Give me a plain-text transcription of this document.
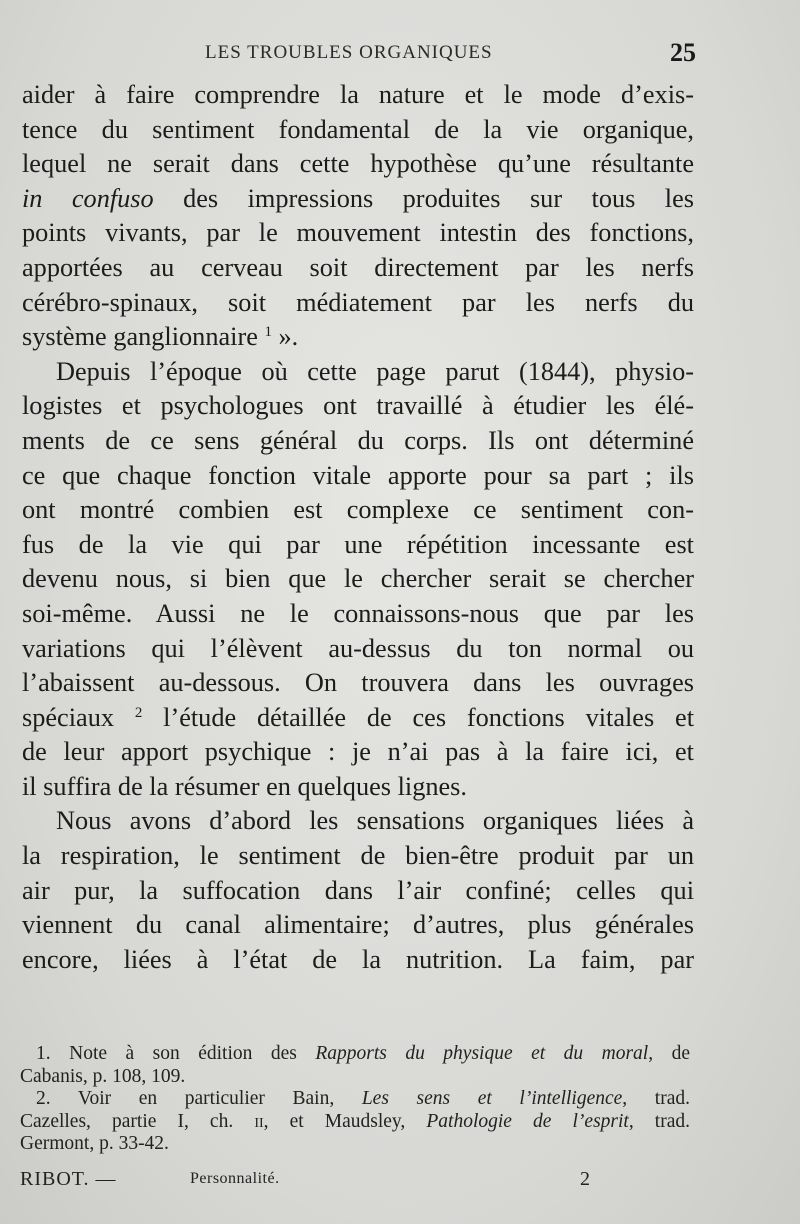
LES TROUBLES ORGANIQUES	25

aider à faire comprendre la nature et le mode d’exis-
tence du sentiment fondamental de la vie organique,
lequel ne serait dans cette hypothèse qu’une résultante
in confuso des impressions produites sur tous les
points vivants, par le mouvement intestin des fonctions,
apportées au cerveau soit directement par les nerfs
cérébro-spinaux, soit médiatement par les nerfs du
système ganglionnaire $^1$ ».

Depuis l’époque où cette page parut (1844), physio-
logistes et psychologues ont travaillé à étudier les élé-
ments de ce sens général du corps. Ils ont déterminé
ce que chaque fonction vitale apporte pour sa part ; ils
ont montré combien est complexe ce sentiment con-
fus de la vie qui par une répétition incessante est
devenu nous, si bien que le chercher serait se chercher
soi-même. Aussi ne le connaissons-nous que par les
variations qui l’élèvent au-dessus du ton normal ou
l’abaissent au-dessous. On trouvera dans les ouvrages
spéciaux $^2$ l’étude détaillée de ces fonctions vitales et
de leur apport psychique : je n’ai pas à la faire ici, et
il suffira de la résumer en quelques lignes.

Nous avons d’abord les sensations organiques liées à
la respiration, le sentiment de bien-être produit par un
air pur, la suffocation dans l’air confiné; celles qui
viennent du canal alimentaire; d’autres, plus générales
encore, liées à l’état de la nutrition. La faim, par

1. Note à son édition des Rapports du physique et du moral, de
Cabanis, p. 108, 109.
2. Voir en particulier Bain, Les sens et l’intelligence, trad.
Cazelles, partie I, ch. ii, et Maudsley, Pathologie de l’esprit, trad.
Germont, p. 33-42.
RIBOT. —	Personnalité.	2
